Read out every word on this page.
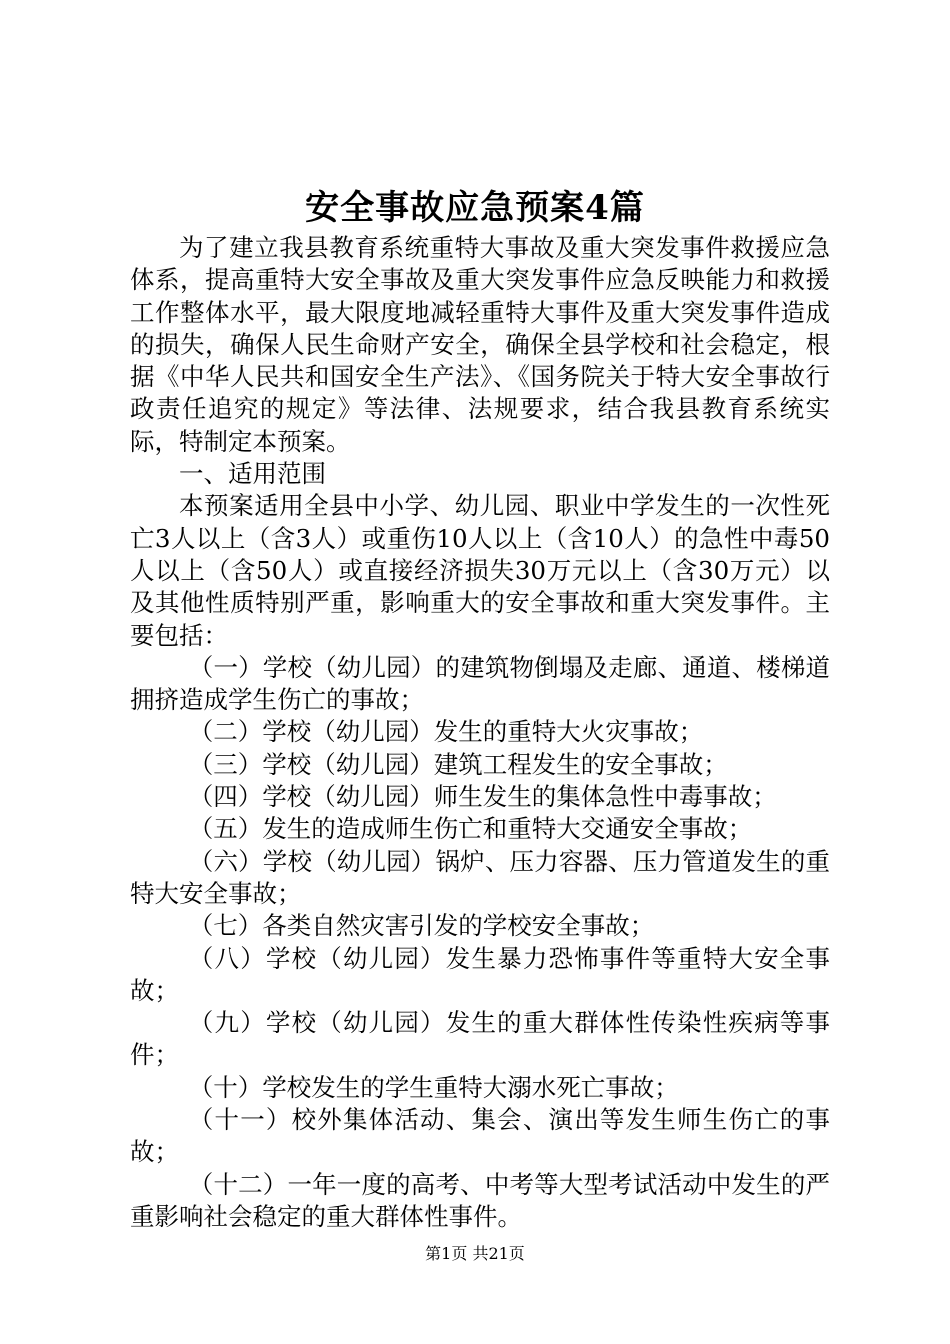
安全事故应急预案4篇

为了建立我县教育系统重特大事故及重大突发事件救援应急体系，提高重特大安全事故及重大突发事件应急反映能力和救援工作整体水平，最大限度地减轻重特大事件及重大突发事件造成的损失，确保人民生命财产安全，确保全县学校和社会稳定，根据《中华人民共和国安全生产法》、《国务院关于特大安全事故行政责任追究的规定》等法律、法规要求，结合我县教育系统实际，特制定本预案。

一、适用范围

本预案适用全县中小学、幼儿园、职业中学发生的一次性死亡3人以上（含3人）或重伤10人以上（含10人）的急性中毒50人以上（含50人）或直接经济损失30万元以上（含30万元）以及其他性质特别严重，影响重大的安全事故和重大突发事件。主要包括：

（一）学校（幼儿园）的建筑物倒塌及走廊、通道、楼梯道拥挤造成学生伤亡的事故；

（二）学校（幼儿园）发生的重特大火灾事故；

（三）学校（幼儿园）建筑工程发生的安全事故；

（四）学校（幼儿园）师生发生的集体急性中毒事故；

（五）发生的造成师生伤亡和重特大交通安全事故；

（六）学校（幼儿园）锅炉、压力容器、压力管道发生的重特大安全事故；

（七）各类自然灾害引发的学校安全事故；

（八）学校（幼儿园）发生暴力恐怖事件等重特大安全事故；

（九）学校（幼儿园）发生的重大群体性传染性疾病等事件；

（十）学校发生的学生重特大溺水死亡事故；

（十一）校外集体活动、集会、演出等发生师生伤亡的事故；

（十二）一年一度的高考、中考等大型考试活动中发生的严重影响社会稳定的重大群体性事件。

第1页 共21页
